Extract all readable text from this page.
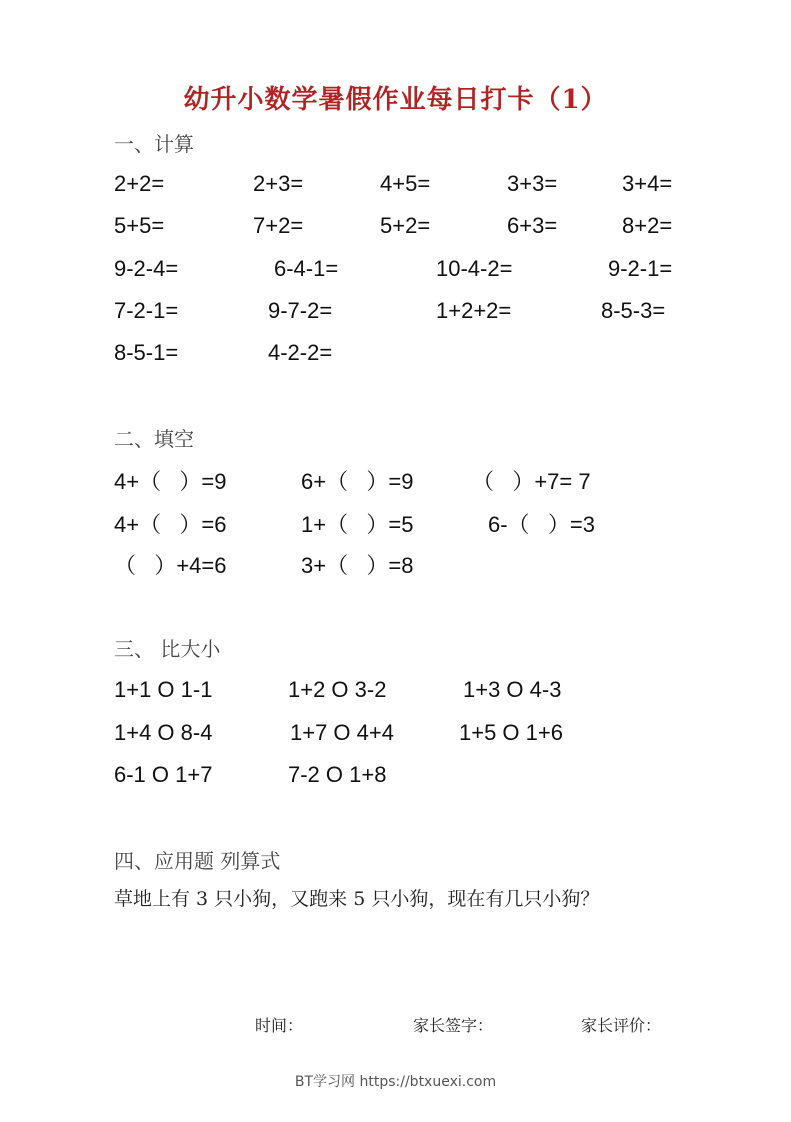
幼升小数学暑假作业每日打卡（1）
一、计算
2+2=	2+3=	4+5=	3+3=	3+4=
5+5=	7+2=	5+2=	6+3=	8+2=
9-2-4=	6-4-1=	10-4-2=	9-2-1=
7-2-1=	9-7-2=	1+2+2=	8-5-3=
8-5-1=	4-2-2=
二、填空
4+（   ）=9	6+（   ）=9	（   ）+7= 7
4+（   ）=6	1+（   ）=5	6-（   ）=3
（   ）+4=6	3+（   ）=8
三、 比大小
1+1 O 1-1	1+2 O 3-2	1+3 O 4-3
1+4 O 8-4	1+7 O 4+4	1+5 O 1+6
6-1 O 1+7	7-2 O 1+8
四、应用题 列算式
草地上有 3 只小狗，又跑来 5 只小狗，现在有几只小狗？
时间：	家长签字：	家长评价：
BT学习网 https://btxuexi.com
